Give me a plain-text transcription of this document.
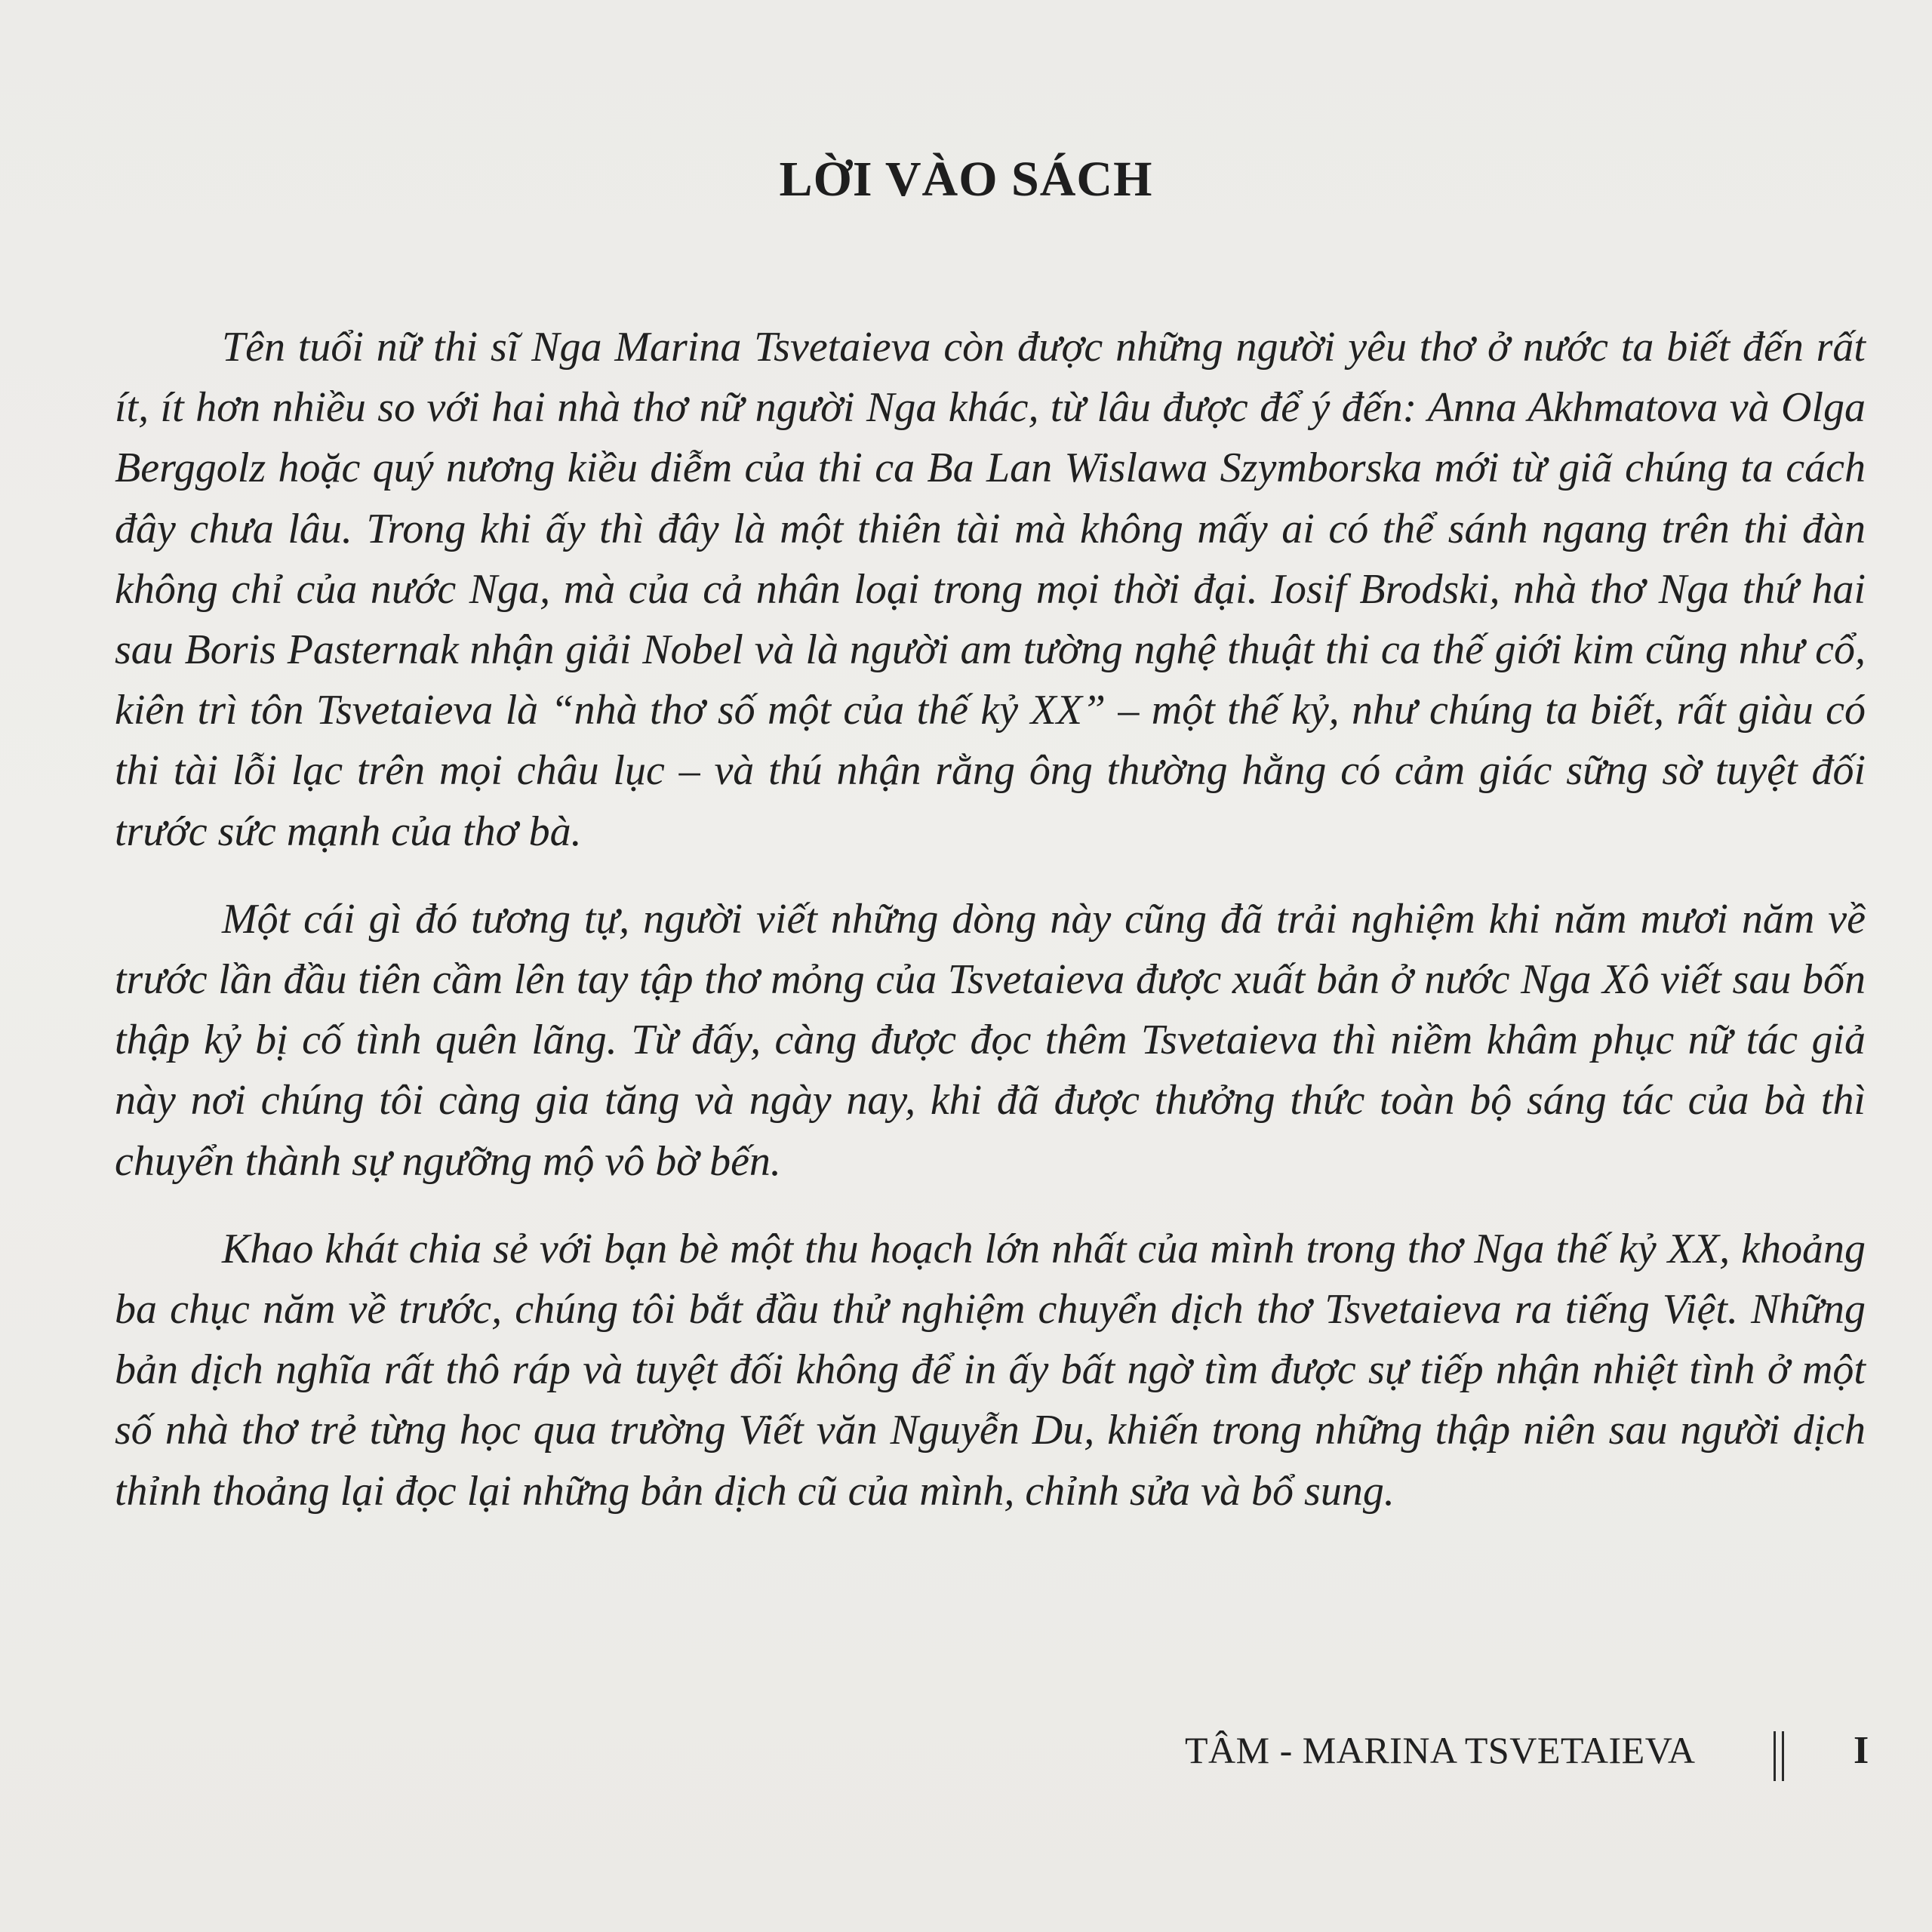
LỜI VÀO SÁCH

Tên tuổi nữ thi sĩ Nga Marina Tsvetaieva còn được những người yêu thơ ở nước ta biết đến rất ít, ít hơn nhiều so với hai nhà thơ nữ người Nga khác, từ lâu được để ý đến: Anna Akhmatova và Olga Berggolz hoặc quý nương kiều diễm của thi ca Ba Lan Wislawa Szymborska mới từ giã chúng ta cách đây chưa lâu. Trong khi ấy thì đây là một thiên tài mà không mấy ai có thể sánh ngang trên thi đàn không chỉ của nước Nga, mà của cả nhân loại trong mọi thời đại. Iosif Brodski, nhà thơ Nga thứ hai sau Boris Pasternak nhận giải Nobel và là người am tường nghệ thuật thi ca thế giới kim cũng như cổ, kiên trì tôn Tsvetaieva là “nhà thơ số một của thế kỷ XX” – một thế kỷ, như chúng ta biết, rất giàu có thi tài lỗi lạc trên mọi châu lục – và thú nhận rằng ông thường hằng có cảm giác sững sờ tuyệt đối trước sức mạnh của thơ bà.

Một cái gì đó tương tự, người viết những dòng này cũng đã trải nghiệm khi năm mươi năm về trước lần đầu tiên cầm lên tay tập thơ mỏng của Tsvetaieva được xuất bản ở nước Nga Xô viết sau bốn thập kỷ bị cố tình quên lãng. Từ đấy, càng được đọc thêm Tsvetaieva thì niềm khâm phục nữ tác giả này nơi chúng tôi càng gia tăng và ngày nay, khi đã được thưởng thức toàn bộ sáng tác của bà thì chuyển thành sự ngưỡng mộ vô bờ bến.

Khao khát chia sẻ với bạn bè một thu hoạch lớn nhất của mình trong thơ Nga thế kỷ XX, khoảng ba chục năm về trước, chúng tôi bắt đầu thử nghiệm chuyển dịch thơ Tsvetaieva ra tiếng Việt. Những bản dịch nghĩa rất thô ráp và tuyệt đối không để in ấy bất ngờ tìm được sự tiếp nhận nhiệt tình ở một số nhà thơ trẻ từng học qua trường Viết văn Nguyễn Du, khiến trong những thập niên sau người dịch thỉnh thoảng lại đọc lại những bản dịch cũ của mình, chỉnh sửa và bổ sung.

TÂM - MARINA TSVETAIEVA	I
